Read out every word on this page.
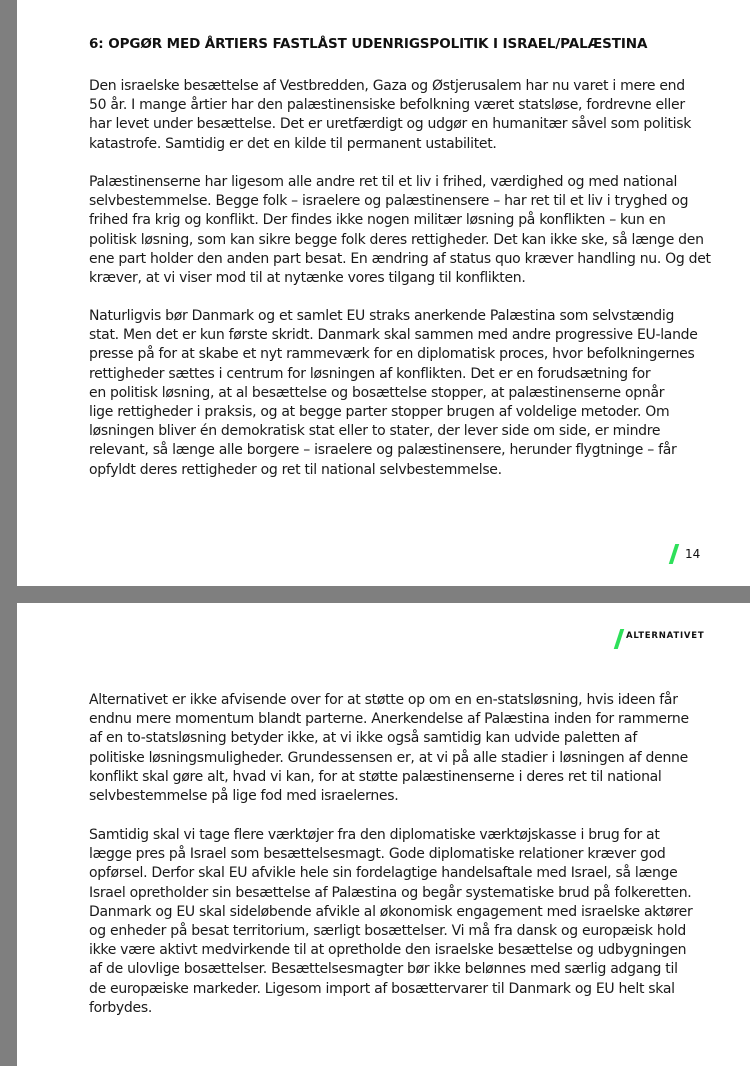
6: OPGØR MED ÅRTIERS FASTLÅST UDENRIGSPOLITIK I ISRAEL/PALÆSTINA

Den israelske besættelse af Vestbredden, Gaza og Østjerusalem har nu varet i mere end
50 år. I mange årtier har den palæstinensiske befolkning været statsløse, fordrevne eller
har levet under besættelse. Det er uretfærdigt og udgør en humanitær såvel som politisk
katastrofe. Samtidig er det en kilde til permanent ustabilitet.

Palæstinenserne har ligesom alle andre ret til et liv i frihed, værdighed og med national
selvbestemmelse. Begge folk – israelere og palæstinensere – har ret til et liv i tryghed og
frihed fra krig og konflikt. Der findes ikke nogen militær løsning på konflikten – kun en
politisk løsning, som kan sikre begge folk deres rettigheder. Det kan ikke ske, så længe den
ene part holder den anden part besat. En ændring af status quo kræver handling nu. Og det
kræver, at vi viser mod til at nytænke vores tilgang til konflikten.

Naturligvis bør Danmark og et samlet EU straks anerkende Palæstina som selvstændig
stat. Men det er kun første skridt. Danmark skal sammen med andre progressive EU-lande
presse på for at skabe et nyt rammeværk for en diplomatisk proces, hvor befolkningernes
rettigheder sættes i centrum for løsningen af konflikten. Det er en forudsætning for
en politisk løsning, at al besættelse og bosættelse stopper, at palæstinenserne opnår
lige rettigheder i praksis, og at begge parter stopper brugen af voldelige metoder. Om
løsningen bliver én demokratisk stat eller to stater, der lever side om side, er mindre
relevant, så længe alle borgere – israelere og palæstinensere, herunder flygtninge – får
opfyldt deres rettigheder og ret til national selvbestemmelse.

14
ALTERNATIVET

Alternativet er ikke afvisende over for at støtte op om en en-statsløsning, hvis ideen får
endnu mere momentum blandt parterne. Anerkendelse af Palæstina inden for rammerne
af en to-statsløsning betyder ikke, at vi ikke også samtidig kan udvide paletten af
politiske løsningsmuligheder. Grundessensen er, at vi på alle stadier i løsningen af denne
konflikt skal gøre alt, hvad vi kan, for at støtte palæstinenserne i deres ret til national
selvbestemmelse på lige fod med israelernes.

Samtidig skal vi tage flere værktøjer fra den diplomatiske værktøjskasse i brug for at
lægge pres på Israel som besættelsesmagt. Gode diplomatiske relationer kræver god
opførsel. Derfor skal EU afvikle hele sin fordelagtige handelsaftale med Israel, så længe
Israel opretholder sin besættelse af Palæstina og begår systematiske brud på folkeretten.
Danmark og EU skal sideløbende afvikle al økonomisk engagement med israelske aktører
og enheder på besat territorium, særligt bosættelser. Vi må fra dansk og europæisk hold
ikke være aktivt medvirkende til at opretholde den israelske besættelse og udbygningen
af de ulovlige bosættelser. Besættelsesmagter bør ikke belønnes med særlig adgang til
de europæiske markeder. Ligesom import af bosættervarer til Danmark og EU helt skal
forbydes.
